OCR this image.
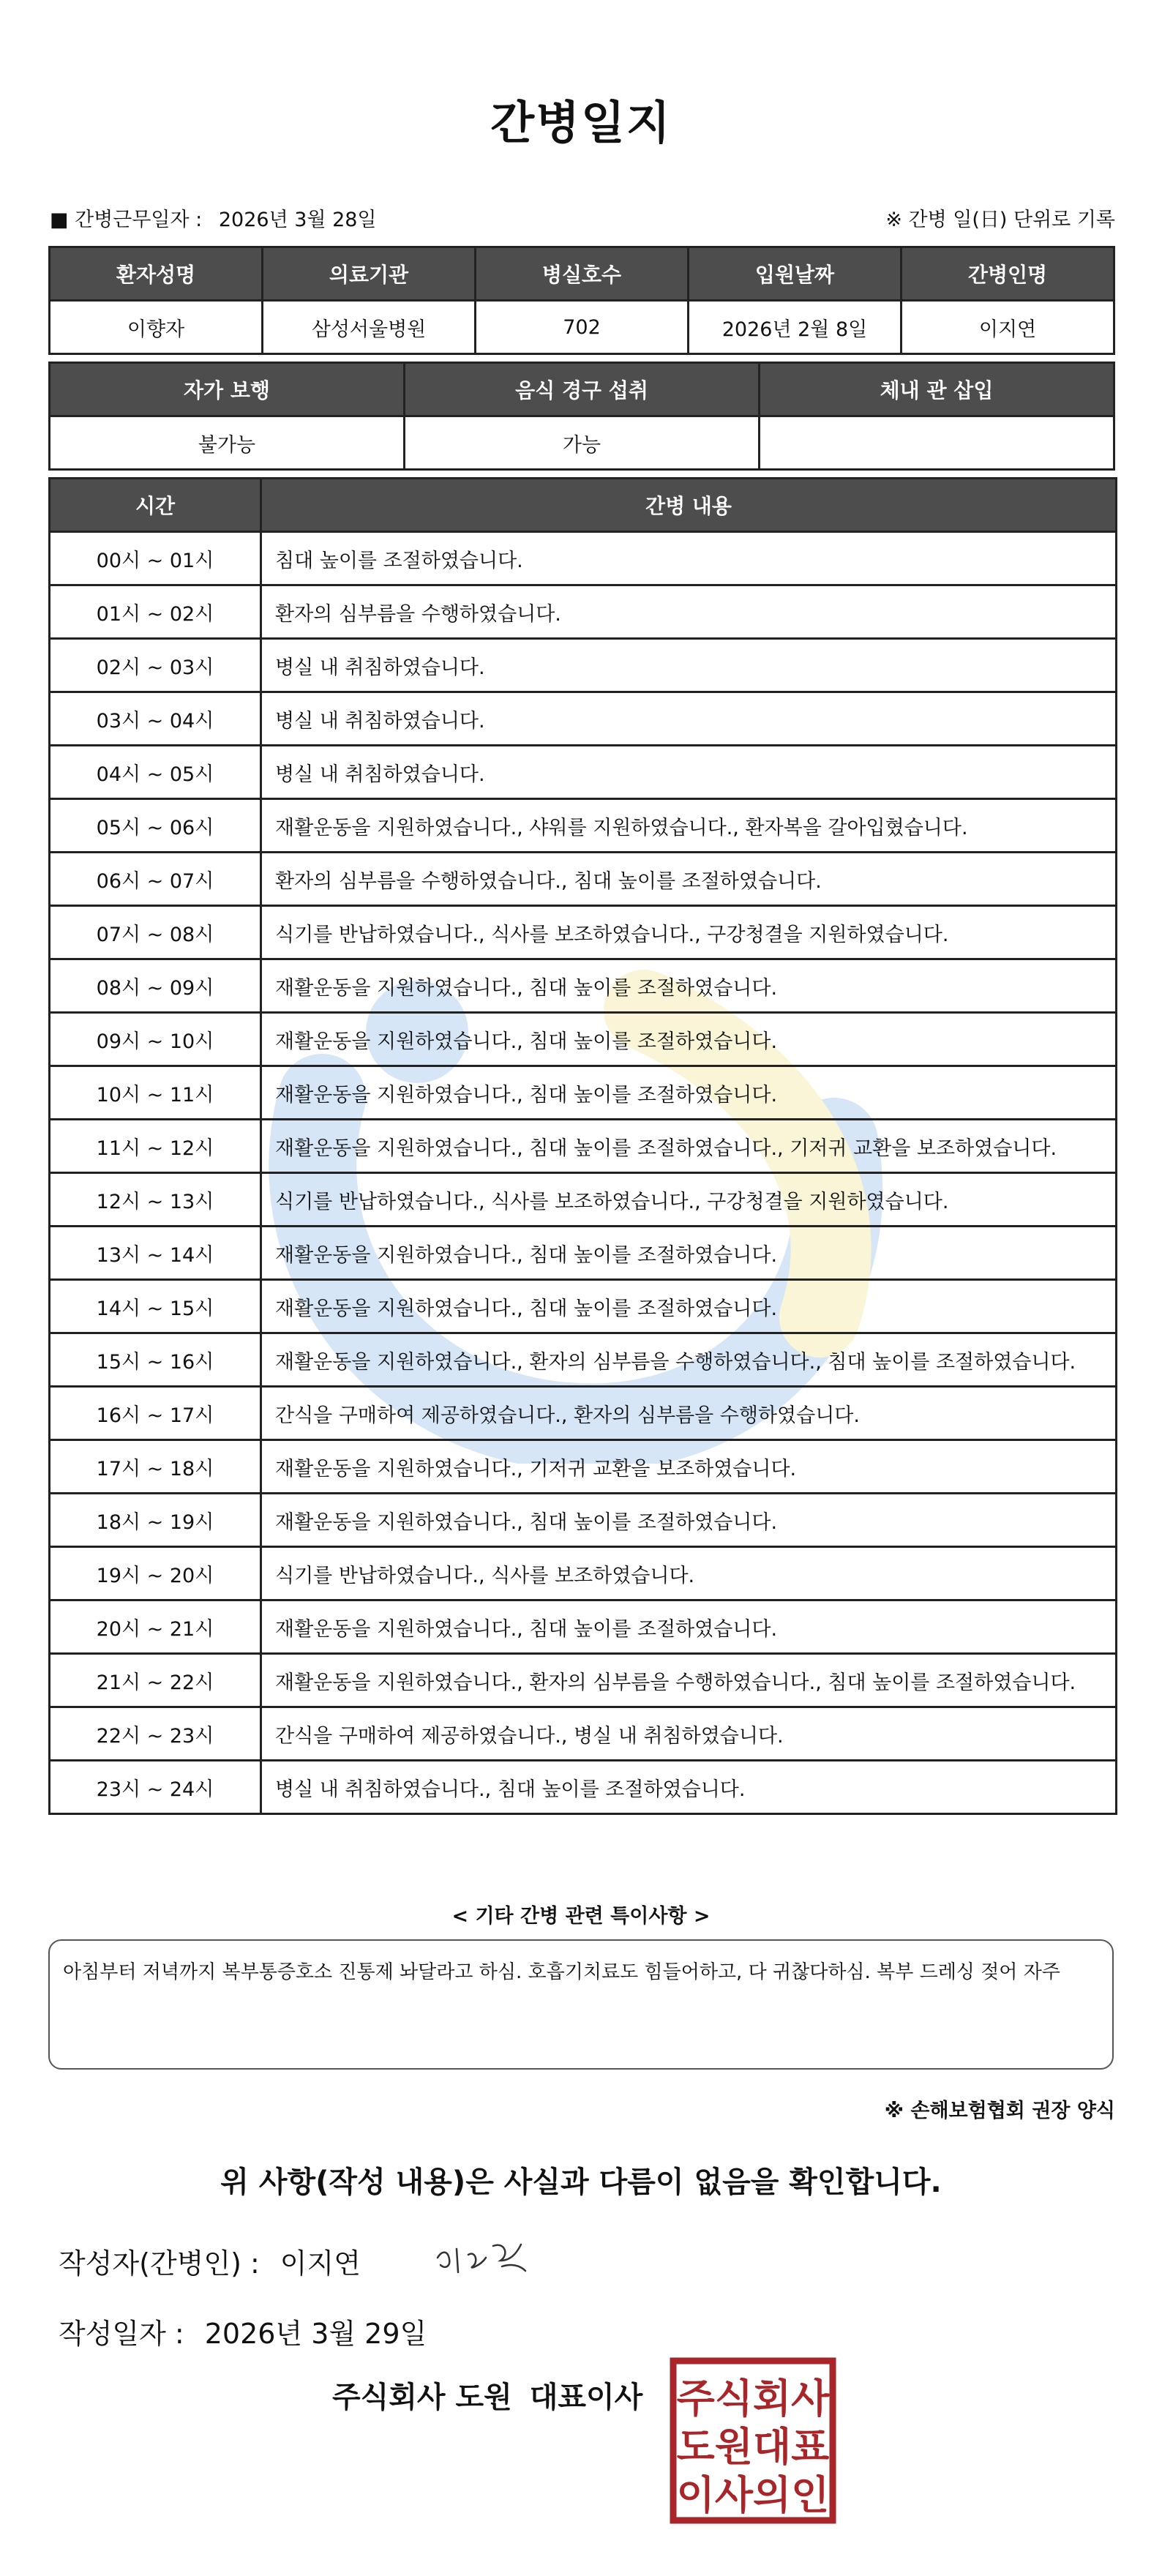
간병일지
■ 간병근무일자 : 2026년 3월 28일	※ 간병 일(日) 단위로 기록
환자성명	의료기관	병실호수	입원날짜	간병인명
이향자	삼성서울병원	702	2026년 2월 8일	이지연
자가 보행	음식 경구 섭취	체내 관 삽입
불가능	가능	
시간	간병 내용
00시 ~ 01시	침대 높이를 조절하였습니다.
01시 ~ 02시	환자의 심부름을 수행하였습니다.
02시 ~ 03시	병실 내 취침하였습니다.
03시 ~ 04시	병실 내 취침하였습니다.
04시 ~ 05시	병실 내 취침하였습니다.
05시 ~ 06시	재활운동을 지원하였습니다., 샤워를 지원하였습니다., 환자복을 갈아입혔습니다.
06시 ~ 07시	환자의 심부름을 수행하였습니다., 침대 높이를 조절하였습니다.
07시 ~ 08시	식기를 반납하였습니다., 식사를 보조하였습니다., 구강청결을 지원하였습니다.
08시 ~ 09시	재활운동을 지원하였습니다., 침대 높이를 조절하였습니다.
09시 ~ 10시	재활운동을 지원하였습니다., 침대 높이를 조절하였습니다.
10시 ~ 11시	재활운동을 지원하였습니다., 침대 높이를 조절하였습니다.
11시 ~ 12시	재활운동을 지원하였습니다., 침대 높이를 조절하였습니다., 기저귀 교환을 보조하였습니다.
12시 ~ 13시	식기를 반납하였습니다., 식사를 보조하였습니다., 구강청결을 지원하였습니다.
13시 ~ 14시	재활운동을 지원하였습니다., 침대 높이를 조절하였습니다.
14시 ~ 15시	재활운동을 지원하였습니다., 침대 높이를 조절하였습니다.
15시 ~ 16시	재활운동을 지원하였습니다., 환자의 심부름을 수행하였습니다., 침대 높이를 조절하였습니다.
16시 ~ 17시	간식을 구매하여 제공하였습니다., 환자의 심부름을 수행하였습니다.
17시 ~ 18시	재활운동을 지원하였습니다., 기저귀 교환을 보조하였습니다.
18시 ~ 19시	재활운동을 지원하였습니다., 침대 높이를 조절하였습니다.
19시 ~ 20시	식기를 반납하였습니다., 식사를 보조하였습니다.
20시 ~ 21시	재활운동을 지원하였습니다., 침대 높이를 조절하였습니다.
21시 ~ 22시	재활운동을 지원하였습니다., 환자의 심부름을 수행하였습니다., 침대 높이를 조절하였습니다.
22시 ~ 23시	간식을 구매하여 제공하였습니다., 병실 내 취침하였습니다.
23시 ~ 24시	병실 내 취침하였습니다., 침대 높이를 조절하였습니다.
< 기타 간병 관련 특이사항 >
아침부터 저녁까지 복부통증호소 진통제 놔달라고 하심. 호흡기치료도 힘들어하고, 다 귀찮다하심. 복부 드레싱 젖어 자주
※ 손해보험협회 권장 양식
위 사항(작성 내용)은 사실과 다름이 없음을 확인합니다.
작성자(간병인) : 이지연
작성일자 : 2026년 3월 29일
주식회사 도원 대표이사 주식회사
도원대표
이사의인
